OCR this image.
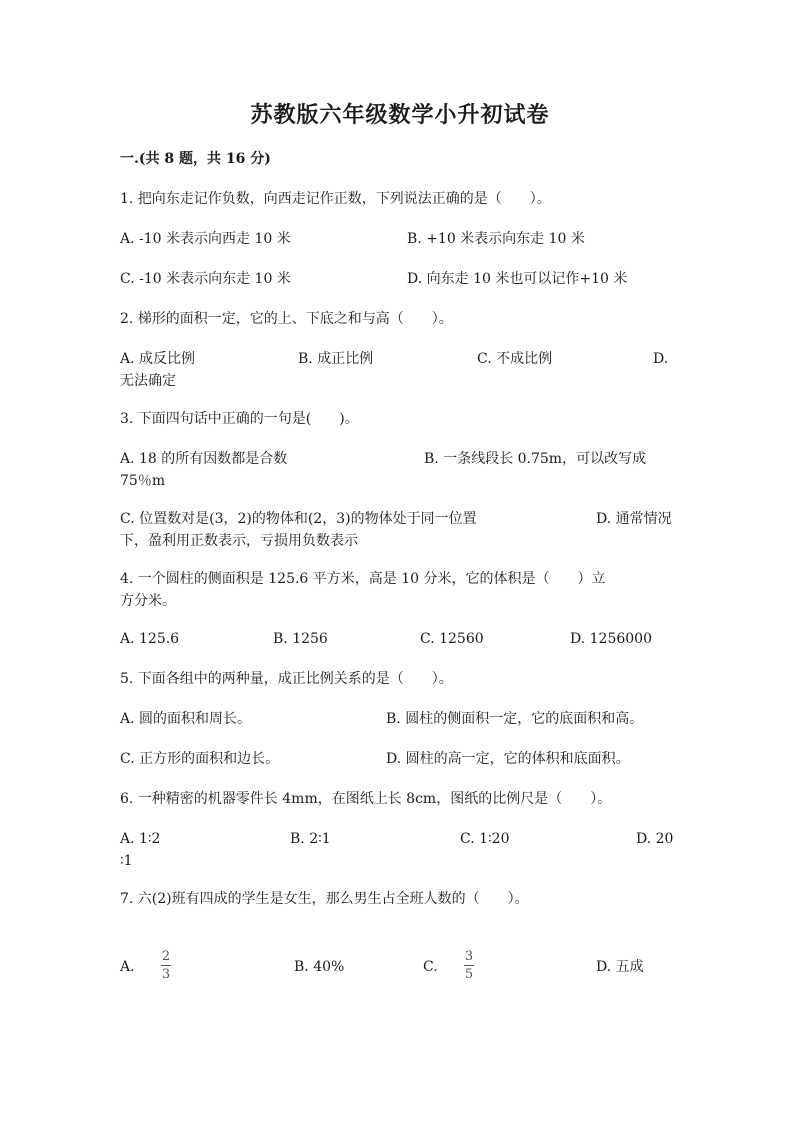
苏教版六年级数学小升初试卷
一.(共 8 题，共 16 分)
1. 把向东走记作负数，向西走记作正数，下列说法正确的是（　　）。
A. -10 米表示向西走 10 米	B. +10 米表示向东走 10 米
C. -10 米表示向东走 10 米	D. 向东走 10 米也可以记作+10 米
2. 梯形的面积一定，它的上、下底之和与高（　　）。
A. 成反比例	B. 成正比例	C. 不成比例	D.
无法确定
3. 下面四句话中正确的一句是(　　)。
A. 18 的所有因数都是合数	B. 一条线段长 0.75m，可以改写成
75％m
C. 位置数对是(3，2)的物体和(2，3)的物体处于同一位置	D. 通常情况
下，盈利用正数表示，亏损用负数表示
4. 一个圆柱的侧面积是 125.6 平方米，高是 10 分米，它的体积是（　　）立
方分米。
A. 125.6	B. 1256	C. 12560	D. 1256000
5. 下面各组中的两种量，成正比例关系的是（　　）。
A. 圆的面积和周长。	B. 圆柱的侧面积一定，它的底面积和高。
C. 正方形的面积和边长。	D. 圆柱的高一定，它的体积和底面积。
6. 一种精密的机器零件长 4mm，在图纸上长 8cm，图纸的比例尺是（　　）。
A. 1∶2	B. 2∶1	C. 1∶20	D. 20
∶1
7. 六(2)班有四成的学生是女生，那么男生占全班人数的（　　）。
A.
2
3	B. 40%	C.
3
5	D. 五成
